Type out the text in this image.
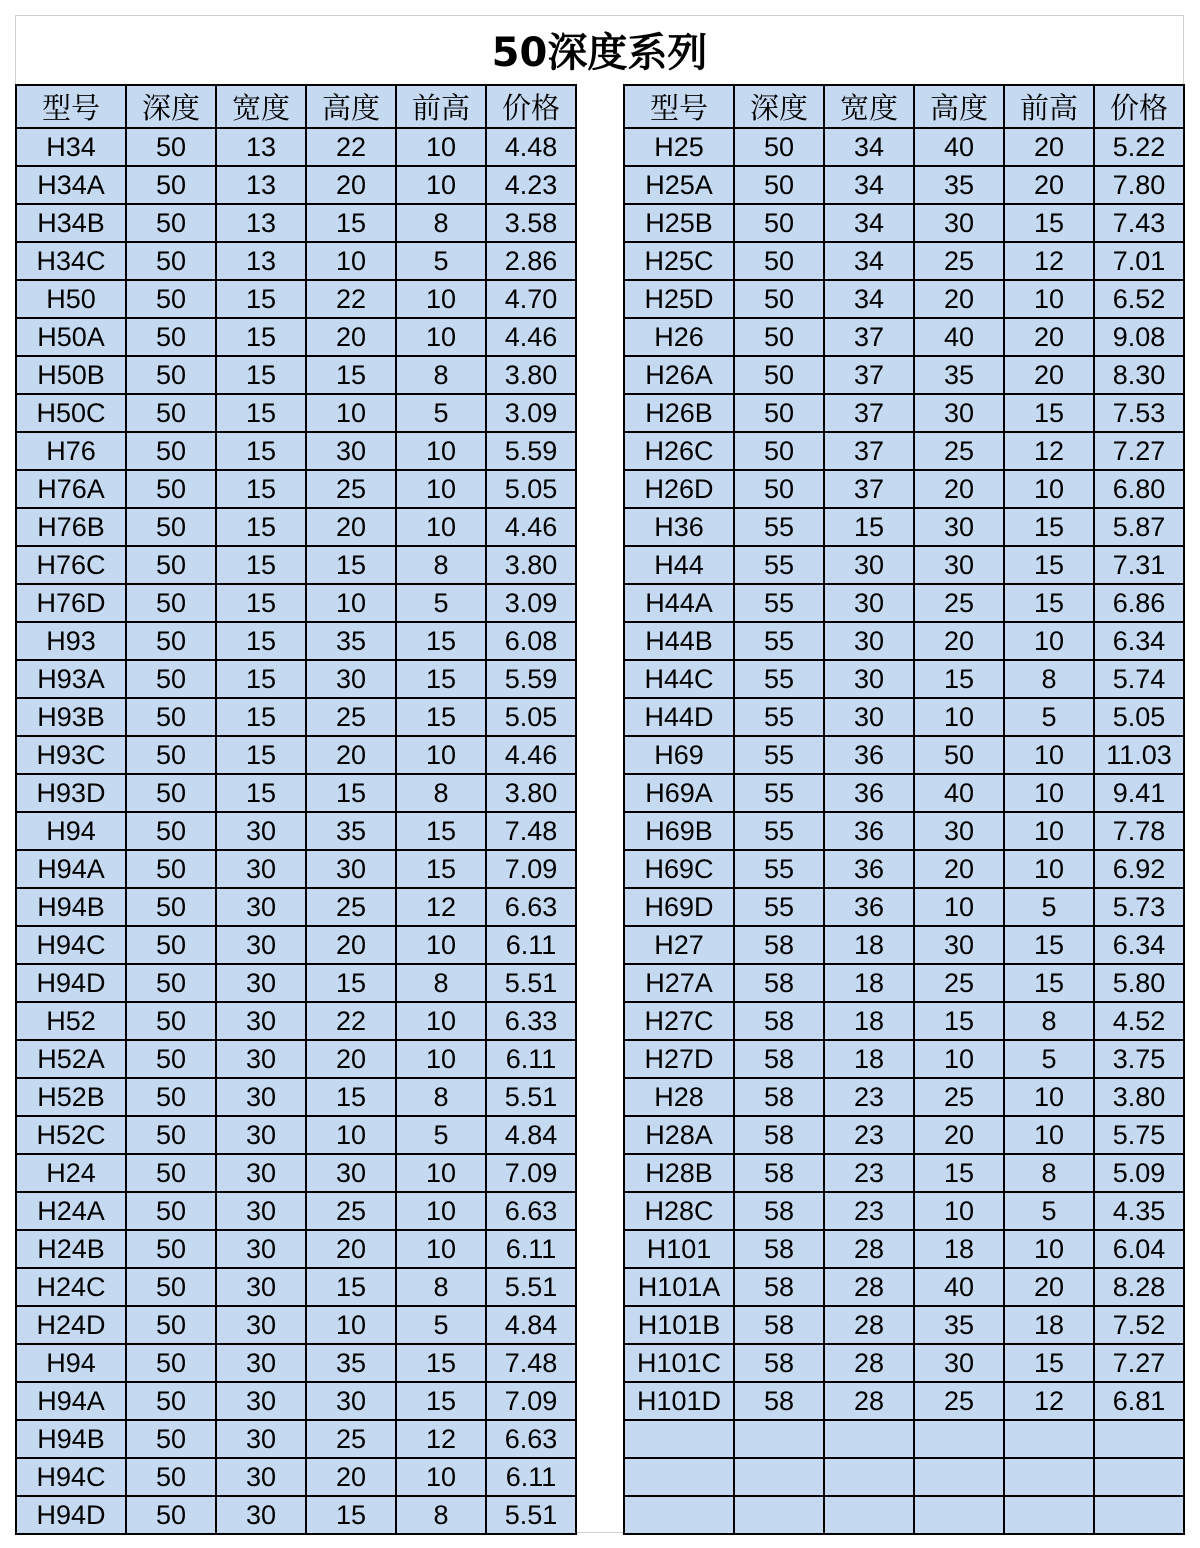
50深度系列
型号	深度	宽度	高度	前高	价格
H34	50	13	22	10	4.48
H34A	50	13	20	10	4.23
H34B	50	13	15	8	3.58
H34C	50	13	10	5	2.86
H50	50	15	22	10	4.70
H50A	50	15	20	10	4.46
H50B	50	15	15	8	3.80
H50C	50	15	10	5	3.09
H76	50	15	30	10	5.59
H76A	50	15	25	10	5.05
H76B	50	15	20	10	4.46
H76C	50	15	15	8	3.80
H76D	50	15	10	5	3.09
H93	50	15	35	15	6.08
H93A	50	15	30	15	5.59
H93B	50	15	25	15	5.05
H93C	50	15	20	10	4.46
H93D	50	15	15	8	3.80
H94	50	30	35	15	7.48
H94A	50	30	30	15	7.09
H94B	50	30	25	12	6.63
H94C	50	30	20	10	6.11
H94D	50	30	15	8	5.51
H52	50	30	22	10	6.33
H52A	50	30	20	10	6.11
H52B	50	30	15	8	5.51
H52C	50	30	10	5	4.84
H24	50	30	30	10	7.09
H24A	50	30	25	10	6.63
H24B	50	30	20	10	6.11
H24C	50	30	15	8	5.51
H24D	50	30	10	5	4.84
H94	50	30	35	15	7.48
H94A	50	30	30	15	7.09
H94B	50	30	25	12	6.63
H94C	50	30	20	10	6.11
H94D	50	30	15	8	5.51
型号	深度	宽度	高度	前高	价格
H25	50	34	40	20	5.22
H25A	50	34	35	20	7.80
H25B	50	34	30	15	7.43
H25C	50	34	25	12	7.01
H25D	50	34	20	10	6.52
H26	50	37	40	20	9.08
H26A	50	37	35	20	8.30
H26B	50	37	30	15	7.53
H26C	50	37	25	12	7.27
H26D	50	37	20	10	6.80
H36	55	15	30	15	5.87
H44	55	30	30	15	7.31
H44A	55	30	25	15	6.86
H44B	55	30	20	10	6.34
H44C	55	30	15	8	5.74
H44D	55	30	10	5	5.05
H69	55	36	50	10	11.03
H69A	55	36	40	10	9.41
H69B	55	36	30	10	7.78
H69C	55	36	20	10	6.92
H69D	55	36	10	5	5.73
H27	58	18	30	15	6.34
H27A	58	18	25	15	5.80
H27C	58	18	15	8	4.52
H27D	58	18	10	5	3.75
H28	58	23	25	10	3.80
H28A	58	23	20	10	5.75
H28B	58	23	15	8	5.09
H28C	58	23	10	5	4.35
H101	58	28	18	10	6.04
H101A	58	28	40	20	8.28
H101B	58	28	35	18	7.52
H101C	58	28	30	15	7.27
H101D	58	28	25	12	6.81
